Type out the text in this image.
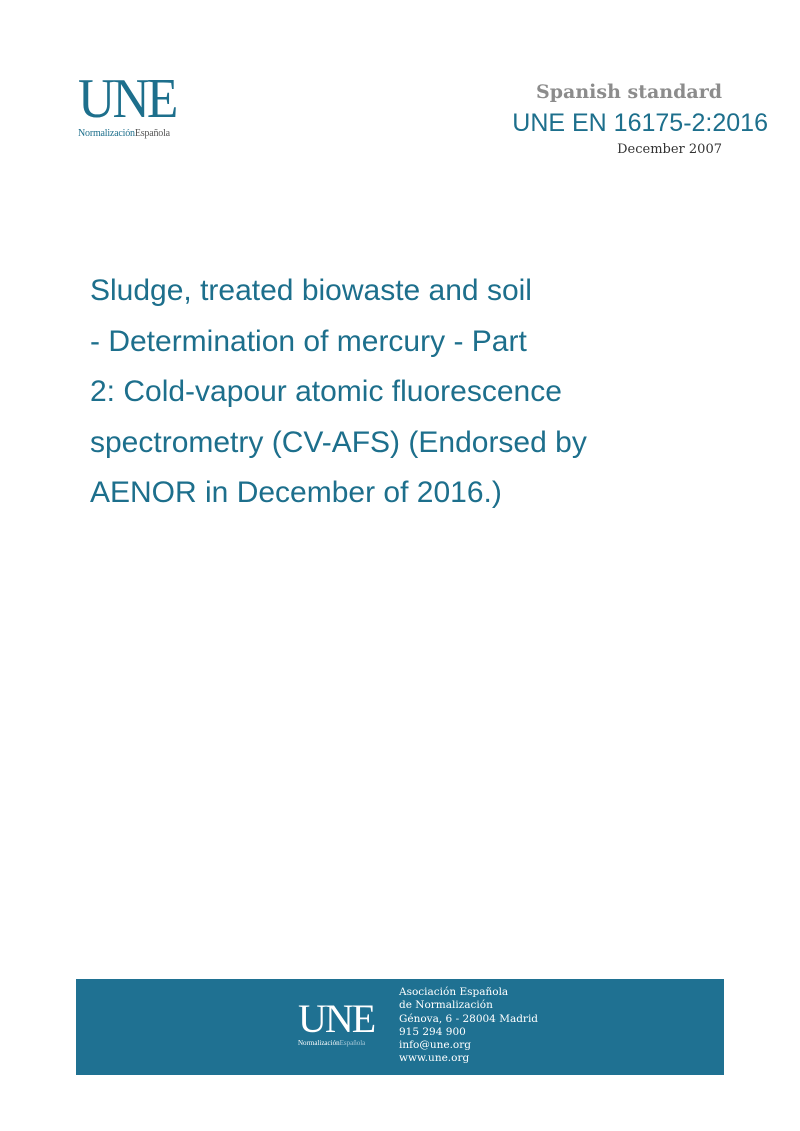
UNE
NormalizaciónEspañola
Spanish standard
UNE EN 16175-2:2016
December 2007
Sludge, treated biowaste and soil
- Determination of mercury - Part
2: Cold-vapour atomic fluorescence
spectrometry (CV-AFS) (Endorsed by
AENOR in December of 2016.)
UNE
NormalizaciónEspañola
Asociación Española
de Normalización
Génova, 6 - 28004 Madrid
915 294 900
info@une.org
www.une.org
